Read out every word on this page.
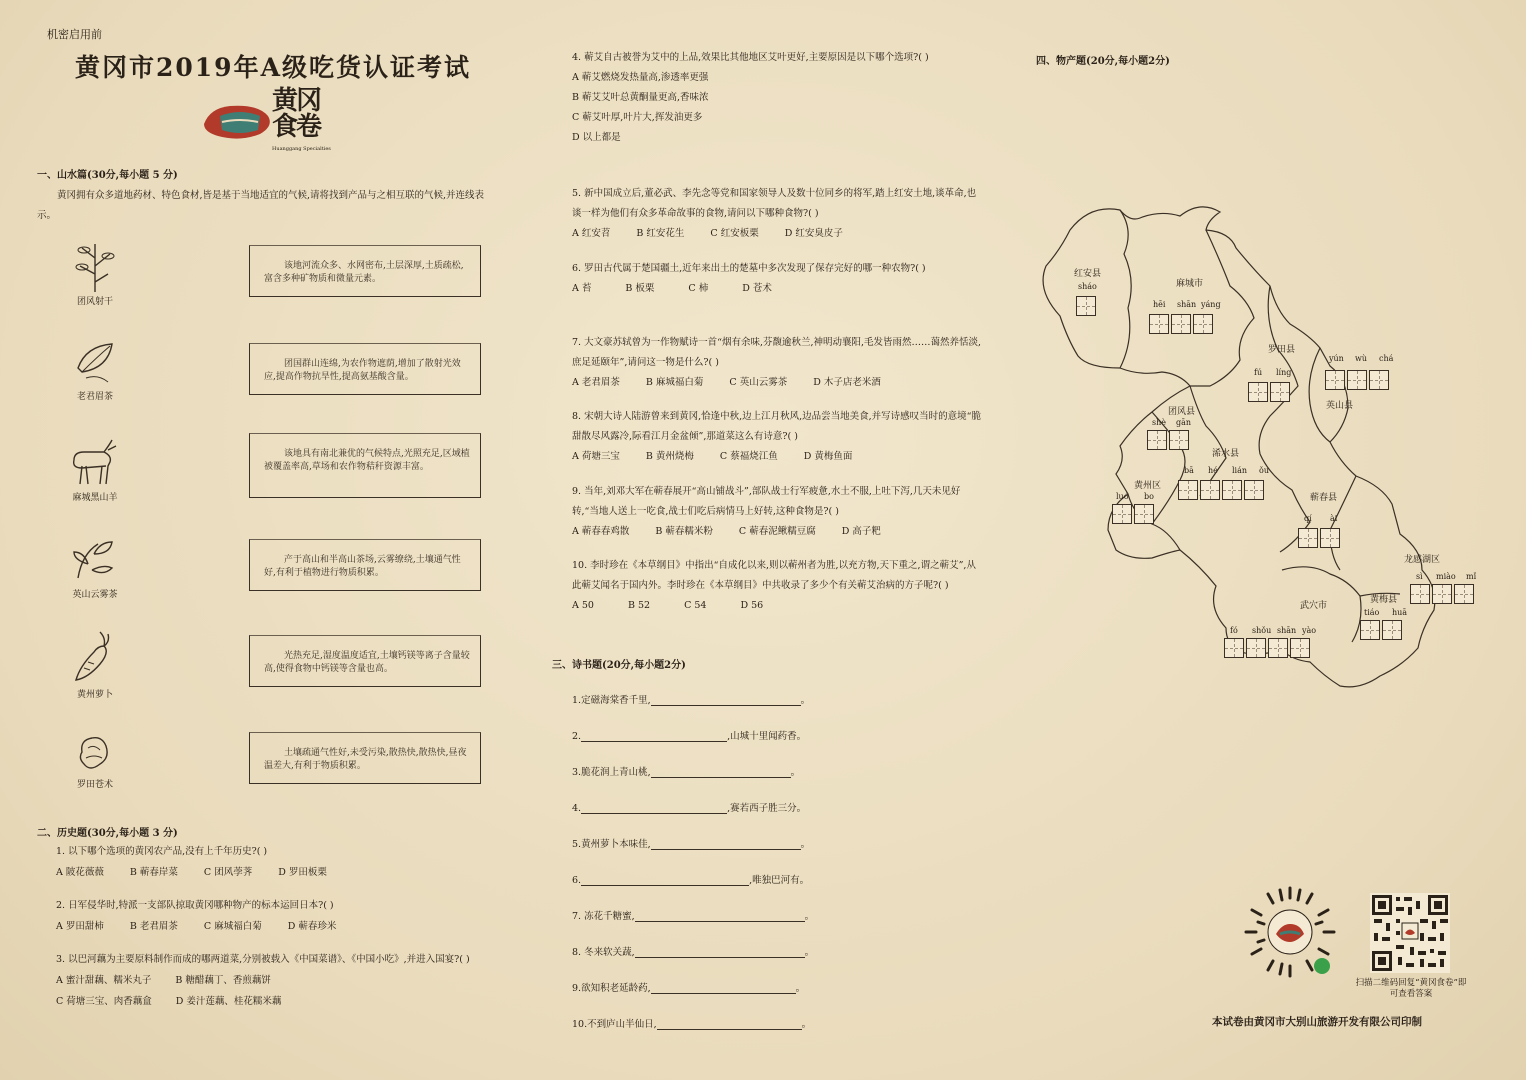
机密启用前
黄冈市2019年A级吃货认证考试
黄冈食卷
Huanggang Specialties
一、山水篇(30分,每小题 5 分)
黄冈拥有众多道地药材、特色食材,皆是基于当地适宜的气候,请将找到产品与之相互联的气候,并连线表示。
团风射干
老君眉茶
麻城黑山羊
英山云雾茶
黄州萝卜
罗田苍术
该地河流众多、水网密布,土层深厚,土质疏松,富含多种矿物质和微量元素。
团国群山连绵,为农作物遮荫,增加了散射光效应,提高作物抗旱性,提高氨基酸含量。
该地具有南北兼优的气候特点,光照充足,区域植被覆盖率高,草场和农作物秸秆资源丰富。
产于高山和半高山茶场,云雾缭绕,土壤通气性好,有利于植物进行物质积累。
光热充足,湿度温度适宜,土壤钙镁等离子含量较高,使得食物中钙镁等含量也高。
土壤疏通气性好,未受污染,散热快,散热快,昼夜温差大,有利于物质积累。
二、历史题(30分,每小题 3 分)
1. 以下哪个选项的黄冈农产品,没有上千年历史?( )
A 陂花薇薇	B 蕲春岸菜	C 团风荸荠	D 罗田板栗
2. 日军侵华时,特派一支部队掠取黄冈哪种物产的标本运回日本?( )
A 罗田甜柿	B 老君眉茶	C 麻城福白菊	D 蕲春珍米
3. 以巴河藕为主要原料制作而成的哪两道菜,分别被载入《中国菜谱》、《中国小吃》,并进入国宴?( )
A 蜜汁甜藕、糯米丸子	B 糖醋藕丁、香煎藕饼
C 荷塘三宝、肉香藕盒	D 姜汁莲藕、桂花糯米藕
4. 蕲艾自古被誉为艾中的上品,效果比其他地区艾叶更好,主要原因是以下哪个选项?( )
A 蕲艾燃烧发热量高,渗透率更强
B 蕲艾艾叶总黄酮量更高,香味浓
C 蕲艾叶厚,叶片大,挥发油更多
D 以上都是
5. 新中国成立后,董必武、李先念等党和国家领导人及数十位同乡的将军,踏上红安土地,谈革命,也谈一样为他们有众多革命故事的食物,请问以下哪种食物?( )
A 红安苕	B 红安花生	C 红安板栗	D 红安臭皮子
6. 罗田古代属于楚国疆土,近年来出土的楚墓中多次发现了保存完好的哪一种农物?( )
A 苔	B 板栗	C 柿	D 苍术
7. 大文豪苏轼曾为一作物赋诗一首“烟有余味,芬馥逾秋兰,神明动襄阳,毛发皆雨然……蔼然养恬淡,庶足延颐年”,请问这一物是什么?( )
A 老君眉茶	B 麻城福白菊	C 英山云雾茶	D 木子店老米酒
8. 宋朝大诗人陆游曾来到黄冈,恰逢中秋,边上江月秋风,边品尝当地美食,并写诗感叹当时的意境“脆甜散尽风露冷,际看江月金盆倾”,那道菜这么有诗意?( )
A 荷塘三宝	B 黄州烧梅	C 蔡福烧江鱼	D 黄梅鱼面
9. 当年,刘邓大军在蕲春展开“高山铺战斗”,部队战士行军疲惫,水土不服,上吐下泻,几天未见好转,“当地人送上一吃食,战士们吃后病情马上好转,这种食物是?( )
A 蕲春春鸡散	B 蕲春糯米粉	C 蕲春泥鳅糯豆腐	D 高子粑
10. 李时珍在《本草纲目》中指出“自成化以来,则以蕲州者为胜,以充方物,天下重之,谓之蕲艾”,从此蕲艾闻名于国内外。李时珍在《本草纲目》中共收录了多少个有关蕲艾治病的方子呢?( )
A 50	B 52	C 54	D 56
三、诗书题(20分,每小题2分)
1.定磁海棠香千里,	。
2.	,山城十里闻药香。
3.脆花润上青山桃,	。
4.	,赛若西子胜三分。
5.黄州萝卜本味佳,	。
6.	,唯独巴河有。
7. 冻花千糖蜜,	。
8. 冬来软关蔬,	。
9.欲知积老延龄药,	。
10.不到庐山半仙日,	。
四、物产题(20分,每小题2分)
红安县
sháo	麻城市
hēi shān yáng
罗田县
fú líng
yún wù chá
英山县
团风县
shè gān
浠水县
bā hé lián ǒu
黄州区
luó bo	蕲春县
qí ài
龙感湖区
sì miào mǐ
武穴市
fó shǒu shān yào
黄梅县
tiáo huā
扫描二维码回复“黄冈食卷”即可查看答案
本试卷由黄冈市大别山旅游开发有限公司印制
